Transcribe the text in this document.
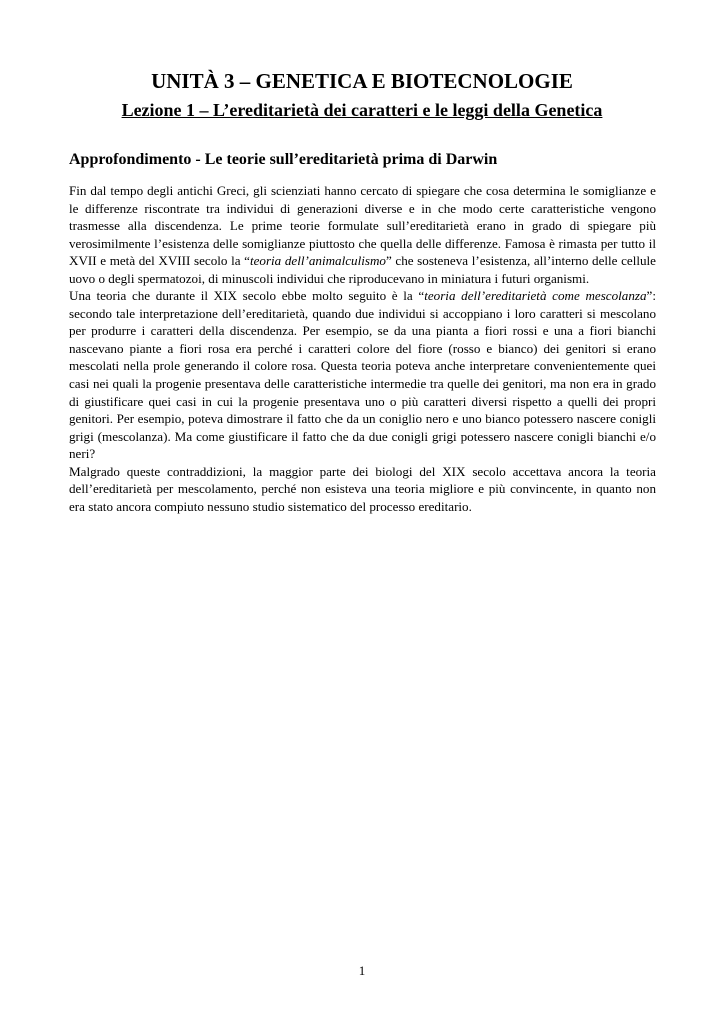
UNITÀ 3 – GENETICA E BIOTECNOLOGIE
Lezione 1 – L’ereditarietà dei caratteri e le leggi della Genetica
Approfondimento - Le teorie sull’ereditarietà prima di Darwin

Fin dal tempo degli antichi Greci, gli scienziati hanno cercato di spiegare che cosa determina le somiglianze e le differenze riscontrate tra individui di generazioni diverse e in che modo certe caratteristiche vengono trasmesse alla discendenza. Le prime teorie formulate sull’ereditarietà erano in grado di spiegare più verosimilmente l’esistenza delle somiglianze piuttosto che quella delle differenze. Famosa è rimasta per tutto il XVII e metà del XVIII secolo la “teoria dell’animalculismo” che sosteneva l’esistenza, all’interno delle cellule uovo o degli spermatozoi, di minuscoli individui che riproducevano in miniatura i futuri organismi.

Una teoria che durante il XIX secolo ebbe molto seguito è la “teoria dell’ereditarietà come mescolanza”: secondo tale interpretazione dell’ereditarietà, quando due individui si accoppiano i loro caratteri si mescolano per produrre i caratteri della discendenza. Per esempio, se da una pianta a fiori rossi e una a fiori bianchi nascevano piante a fiori rosa era perché i caratteri colore del fiore (rosso e bianco) dei genitori si erano mescolati nella prole generando il colore rosa. Questa teoria poteva anche interpretare convenientemente quei casi nei quali la progenie presentava delle caratteristiche intermedie tra quelle dei genitori, ma non era in grado di giustificare quei casi in cui la progenie presentava uno o più caratteri diversi rispetto a quelli dei propri genitori. Per esempio, poteva dimostrare il fatto che da un coniglio nero e uno bianco potessero nascere conigli grigi (mescolanza). Ma come giustificare il fatto che da due conigli grigi potessero nascere conigli bianchi e/o neri?

Malgrado queste contraddizioni, la maggior parte dei biologi del XIX secolo accettava ancora la teoria dell’ereditarietà per mescolamento, perché non esisteva una teoria migliore e più convincente, in quanto non era stato ancora compiuto nessuno studio sistematico del processo ereditario.

1
